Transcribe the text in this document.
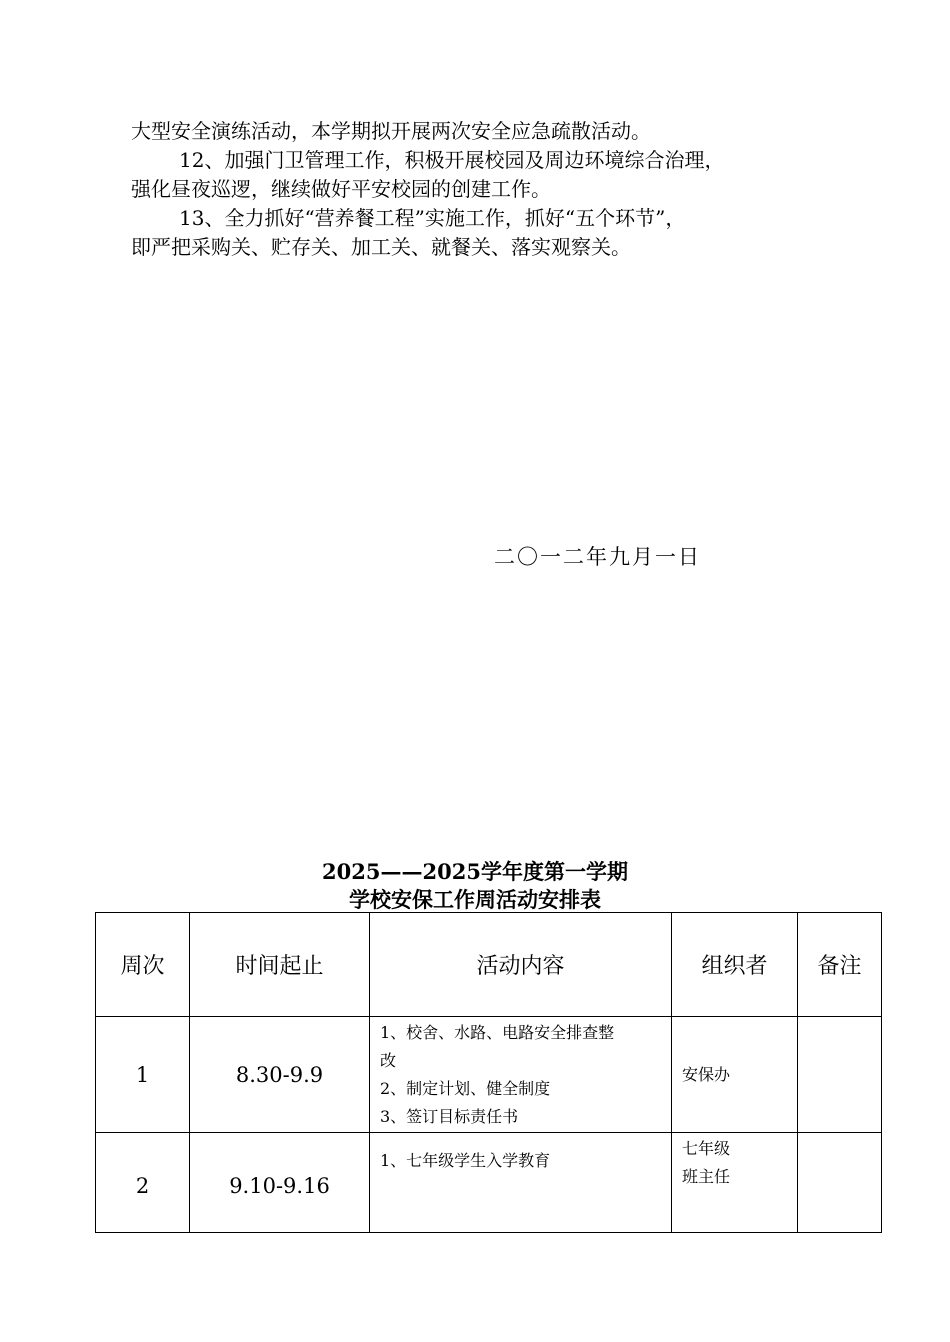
大型安全演练活动，本学期拟开展两次安全应急疏散活动。
12、加强门卫管理工作，积极开展校园及周边环境综合治理，
强化昼夜巡逻，继续做好平安校园的创建工作。
13、全力抓好“营养餐工程”实施工作，抓好“五个环节”，
即严把采购关、贮存关、加工关、就餐关、落实观察关。
二〇一二年九月一日
2025——2025学年度第一学期
学校安保工作周活动安排表
周次	时间起止	活动内容	组织者	备注
1	8.30-9.9	1、校舍、水路、电路安全排查整
改
2、制定计划、健全制度
3、签订目标责任书	安保办	

2	9.10-9.16	1、七年级学生入学教育	七年级
班主任	
